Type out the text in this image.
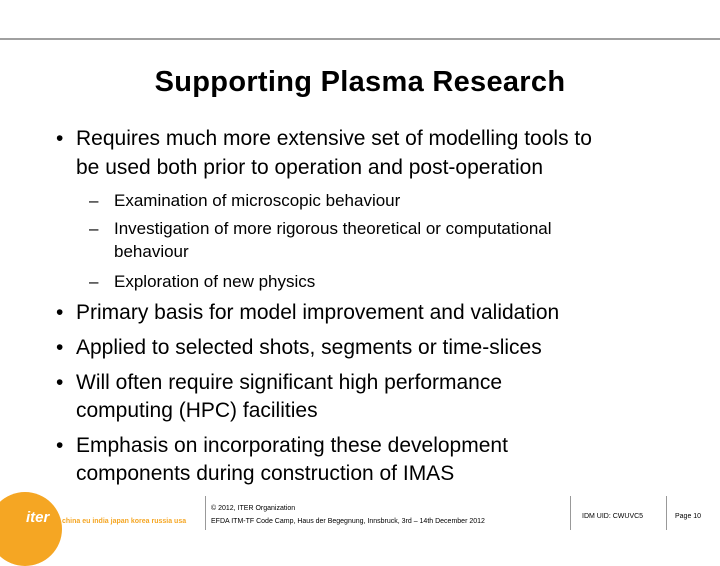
Supporting Plasma Research
• Requires much more extensive set of modelling tools to
be used both prior to operation and post-operation
– Examination of microscopic behaviour
– Investigation of more rigorous theoretical or computational
behaviour
– Exploration of new physics
• Primary basis for model improvement and validation
• Applied to selected shots, segments or time-slices
• Will often require significant high performance
computing (HPC) facilities
• Emphasis on incorporating these development
components during construction of IMAS
iter china eu india japan korea russia usa
© 2012, ITER Organization
EFDA ITM-TF Code Camp, Haus der Begegnung, Innsbruck, 3rd – 14th December 2012
IDM UID: CWUVC5	Page 10
